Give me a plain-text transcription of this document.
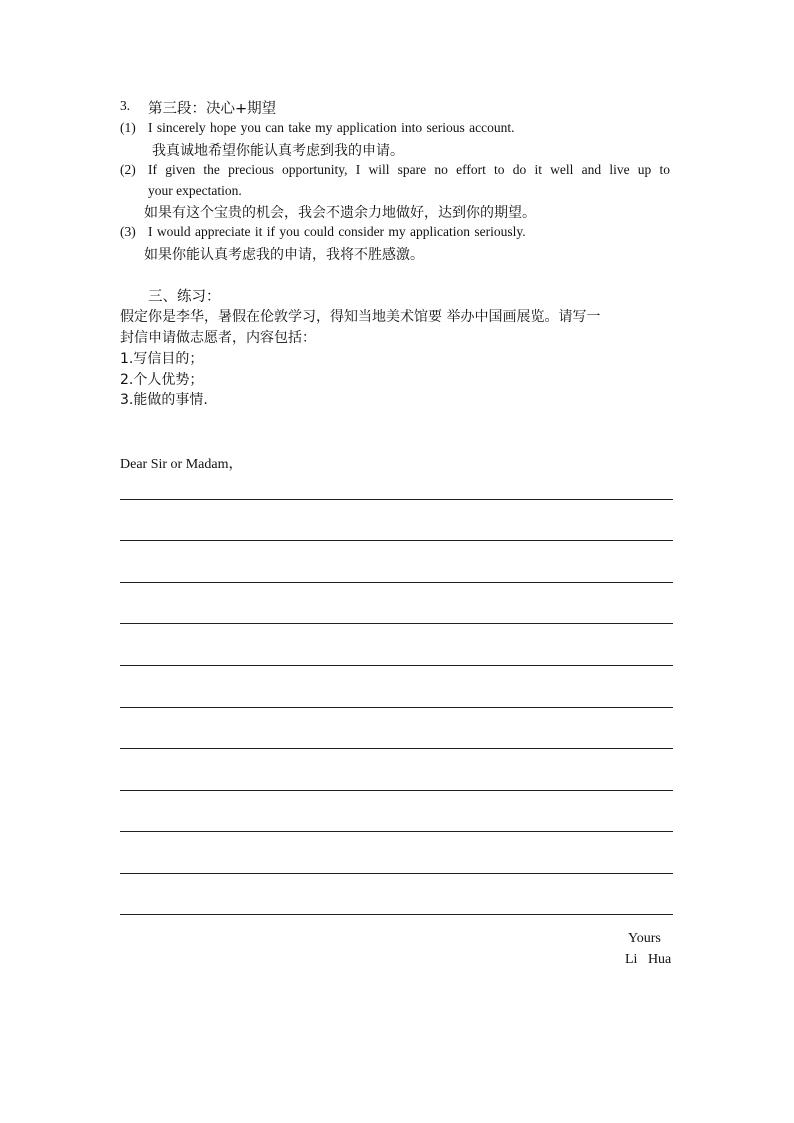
3. 第三段：决心+期望
(1) I sincerely hope you can take my application into serious account.
我真诚地希望你能认真考虑到我的申请。
(2) If given the precious opportunity, I will spare no effort to do it well and live up to
your expectation.
如果有这个宝贵的机会，我会不遗余力地做好，达到你的期望。
(3) I would appreciate it if you could consider my application seriously.
如果你能认真考虑我的申请，我将不胜感激。
三、练习：
假定你是李华，暑假在伦敦学习，得知当地美术馆要 举办中国画展览。请写一
封信申请做志愿者，内容包括：
1.写信目的；
2.个人优势；
3.能做的事情.
Dear Sir or Madam，
Yours
Li   Hua
